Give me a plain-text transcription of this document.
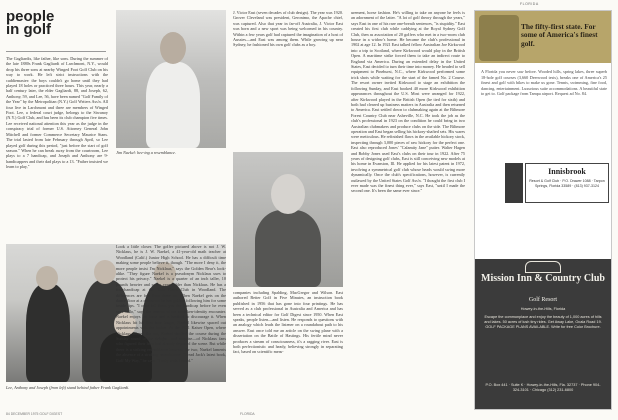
FLORIDA
people in golf

The Gagliardis, like father, like sons. During the summer of the late 1880s Frank Gagliardi of Larchmont, N.Y., would drop his three sons at nearby Winged Foot Golf Club on his way to work. He left strict instructions with the caddiemaster: the boys couldn't go home until they had played 18 holes or practiced three hours. This year, nearly a half century later, the elder Gagliardi, 88, and Joseph, 62, Anthony, 59, and Lee, 56, have been named "Golf Family of the Year" by the Metropolitan (N.Y.) Golf Writers Ass'n. All four live in Larchmont and three are members of Winged Foot. Lee, a federal court judge, belongs to the Siwanoy (N.Y.) Golf Club, and has been its club champion five times. Lee received national attention this year as the judge in the conspiracy trial of former U.S. Attorney General John Mitchell and former Commerce Secretary Maurice Stans. The trial lasted from late February through April, so Lee played golf during this period, "just before the start of golf season." When he can break away from the courtroom, Lee plays to a 7 handicap, and Joseph and Anthony are 9-handicappers and their dad plays to a 13. "Father insisted we learn to play,"

Lee, Anthony and Joseph (from left) stand behind father Frank Gagliardi.
Jim Naekel: bee-ing a resemblance.

Look a little closer. The golfer pictured above is not J. W. Nicklaus, he is J. W. Naekel, a 41-year-old math teacher at Woodland (Calif.) Junior High School. He has a difficult time making some people believe it, though. "The more I deny it, the more people insist I'm Nicklaus," says the Golden Bear's look-alike. "They figure Naekel is a pseudonym Nicklaus uses to protect his privacy." Naekel is a quarter of an inch taller, 10 pounds heavier and seven years older than Nicklaus. He has a four-handicap at the Yolo Fliers Club in Woodland. The differences are few from there on. When Naekel gets on the dance floor at a restaurant he has golfers following him for some inside tips. "I once tell them you the handicap before he even says hello," says the veteran of the mistaken-identity encounter. Naekel enjoys his fame and is hesitant to discourage it. When Nicklaus hit his first tour longer, Naekel likewise spaced out appointments with the barber. At the 1971 Kaiser Open, where Nicklaus missed the cut, Naekel strolled the course during the Sunday round to the delight—and surprise—of Nicklaus fans who figured their hero had already departed the scene. But while there is a striking resemblance between the two, Naekel laments the absence of a stroking resemblance. "I read Jack's latest book, Golf My Way," he says. "I only wish I could."

J. Victor East (seven decades of club design). The year was 1920. Grover Cleveland was president, Geronimo, the Apache chief, was captured. Also that year in far-off Australia, J. Victor East was born and a new sport was being welcomed in his country. Within a few years golf had captured the imagination of a host of Aussies—and East was among them. While growing up near Sydney, he fashioned his own golf clubs as a boy.

companies including Spalding, MacGregor and Wilson. East authored Better Golf in Five Minutes, an instruction book published in 1956 that has gone into four printings. He has served as a club professional in Australia and America and has been a technical editor for Golf Digest since 1950. When East speaks, people listen—and listen. He responds to questions with an analogy which leads the listener on a roundabout path to his answer. East once told me an article on the swing plane with a dissertation on the Battle of Hastings. His fertile mind never produces a stream of consciousness, it's a ragging river. East is both perfectionistic and heady, believing strongly in separating fact, based on scientific meas-

urement, horse fashion. He's willing to take on anyone he feels is an adornment of the latter. "A lot of golf theory through the years," says East in one of his rare one-breath sentences, "is stupidity." East created his first club while caddying at the Royal Sydney Golf Club, then as association of 20 golfers who met in a two-room club house in a widow's home. He became the club's professional in 1902 at age 12. In 1921 East talked fellow Australian Joe Kirkwood into a trip to Scotland, where Kirkwood would play in the British Open. A maritime strike forced them to take an indirect route to England via America. During an extended delay in the United States, East decided to turn their time into money. He headed to sell equipment to Pinehurst, N.C., where Kirkwood performed some trick shots while waiting for the start of the famed No. 2 Course. The resort owner invited Kirkwood to stage an exhibition the following Sunday, and East booked 40 more Kirkwood exhibition appearances throughout the U.S. Most were arranged for 1922, after Kirkwood played in the British Open (he tied for sixth) and both had cleared up business matters in Australia and then returned to America. East settled down to clubmaking again at the Biltmore Forest Country Club near Asheville, N.C. He took the job as the club's professional in 1923 on the condition he could bring in two Australian clubmakers and produce clubs on the side. The Biltmore operation and East began selling his hickory-shafted sets. His wares were meticulous. He refinished flaws in the available hickory stock, inspecting through 3,000 pieces of raw hickory for the perfect one. East also reproduced Jones' "Calamity Jane" putter. Walter Hagen and Bobby Jones used East's clubs on their tour in 1922. After 75 years of designing golf clubs, East is still conceiving new models at his home in Evanston, Ill. He applied for his latest patent in 1972, involving a symmetrical golf club whose heads would swing more dynamically. Once the club's specifications, however, is currently outlawed by the United States Golf Ass'n. "I thought the first club I ever made was the finest thing ever," says East, "until I made the second one. It's been the same ever since."

The fifty-first state. For some of America's finest golf.
A Florida you never saw before. Wooded hills, spring lakes, three superb 18-hole golf courses (3,660 Deerwood tests), breaks one of America's 25 finest and golf with bikes to make us gone. Tennis, swimming, fine food, dancing, entertainment. Luxurious suite accommodations. A beautiful state to get to. Golf package from Tampa airport. Request ad No. 84.
Innisbrook
Resort & Golf Club · P.O. Drawer 1088 · Tarpon Springs, Florida 33589 · (813) 937-3124
Mission Inn & Country Club
Golf Resort
Howey-in-the-Hills, Florida
Escape the commonplace and enjoy the beauty of 1,000 acres of hills and lakes. 50 acres of lush tiny rides. Get Away Lake, Ocala Road 19. GOLF PACKAGE PLANS AVAILABLE. Write for free Color Brochure.
P.O. Box 441 · Suite K · Howey-in-the-Hills, Fla. 32737 · Phone 904-324-3101 · Chicago (312) 231-6800
84 DECEMBER 1975 GOLF DIGEST	FLORIDA
